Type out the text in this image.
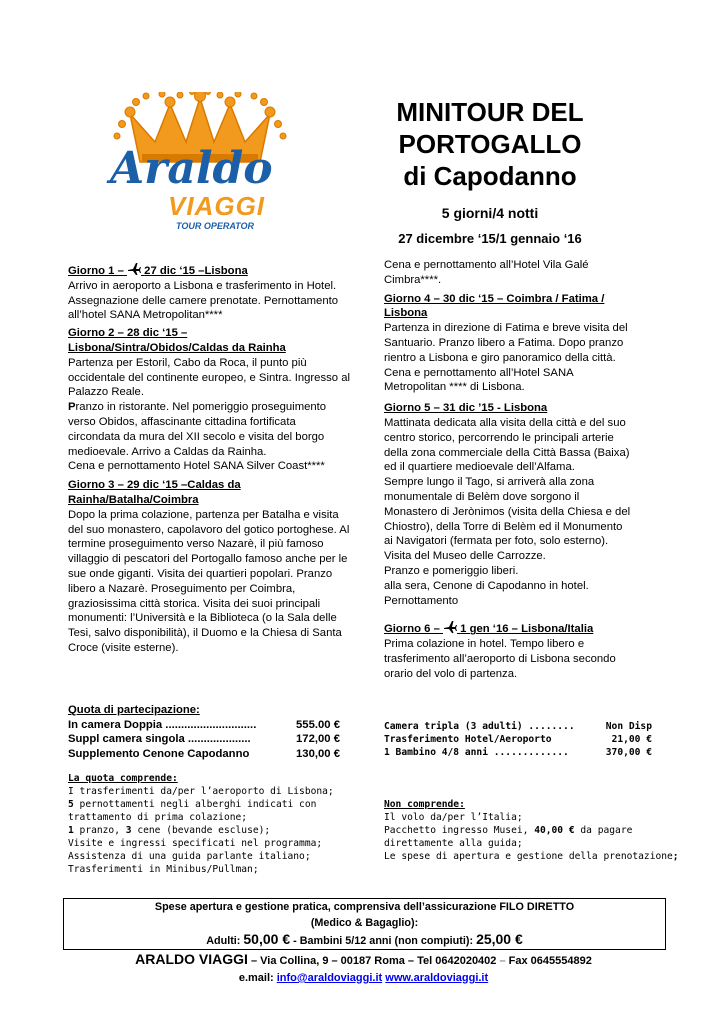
Araldo
VIAGGI
TOUR OPERATOR
MINITOUR DEL
PORTOGALLO
di Capodanno
5 giorni/4 notti
27 dicembre ‘15/1 gennaio ‘16

Giorno 1 – 27 dic ‘15 –Lisbona

Arrivo in aeroporto a Lisbona e trasferimento in Hotel. Assegnazione delle camere prenotate. Pernottamento all’hotel SANA Metropolitan****

Giorno 2 – 28 dic ‘15 – Lisbona/Sintra/Obidos/Caldas da Rainha

Partenza per Estoril, Cabo da Roca, il punto più occidentale del continente europeo, e Sintra. Ingresso al Palazzo Reale.

Pranzo in ristorante. Nel pomeriggio proseguimento verso Obidos, affascinante cittadina fortificata circondata da mura del XII secolo e visita del borgo medioevale. Arrivo a Caldas da Rainha.

Cena e pernottamento Hotel SANA Silver Coast****

Giorno 3 – 29 dic ‘15 –Caldas da Rainha/Batalha/Coimbra

Dopo la prima colazione, partenza per Batalha e visita del suo monastero, capolavoro del gotico portoghese. Al termine proseguimento verso Nazarè, il più famoso villaggio di pescatori del Portogallo famoso anche per le sue onde giganti. Visita dei quartieri popolari. Pranzo libero a Nazarè. Proseguimento per Coimbra, graziosissima città storica. Visita dei suoi principali monumenti: l’Università e la Biblioteca (o la Sala delle Tesi, salvo disponibilità), il Duomo e la Chiesa di Santa Croce (visite esterne).

Cena e pernottamento all’Hotel Vila Galé Cimbra****.

Giorno 4 – 30 dic ‘15 – Coimbra / Fatima / Lisbona

Partenza in direzione di Fatima e breve visita del Santuario. Pranzo libero a Fatima. Dopo pranzo rientro a Lisbona e giro panoramico della città. Cena e pernottamento all’Hotel SANA Metropolitan **** di Lisbona.

Giorno 5 – 31 dic ’15 - Lisbona

Mattinata dedicata alla visita della città e del suo centro storico, percorrendo le principali arterie della zona commerciale della Città Bassa (Baixa) ed il quartiere medioevale dell’Alfama.

Sempre lungo il Tago, si arriverà alla zona monumentale di Belèm dove sorgono il Monastero di Jerònimos (visita della Chiesa e del Chiostro), della Torre di Belèm ed il Monumento ai Navigatori (fermata per foto, solo esterno). Visita del Museo delle Carrozze.

Pranzo e pomeriggio liberi.

alla sera, Cenone di Capodanno in hotel.

Pernottamento

Giorno 6 – 1 gen ‘16 – Lisbona/Italia

Prima colazione in hotel. Tempo libero e trasferimento all’aeroporto di Lisbona secondo orario del volo di partenza.

Quota di partecipazione:
In camera Doppia .............................	555.00 €
Suppl camera singola ....................	172,00 €
Supplemento Cenone Capodanno	130,00 €
Camera tripla (3 adulti) ........	Non Disp
Trasferimento Hotel/Aeroporto	21,00 €
1 Bambino 4/8 anni .............	370,00 €
La quota comprende:
I trasferimenti da/per l’aeroporto di Lisbona;
5 pernottamenti negli alberghi indicati con
trattamento di prima colazione;
1 pranzo, 3 cene (bevande escluse);
Visite e ingressi specificati nel programma;
Assistenza di una guida parlante italiano;
Trasferimenti in Minibus/Pullman;
Non comprende:
Il volo da/per l’Italia;
Pacchetto ingresso Musei, 40,00 € da pagare
direttamente alla guida;
Le spese di apertura e gestione della prenotazione;
Spese apertura e gestione pratica, comprensiva dell’assicurazione FILO DIRETTO
(Medico & Bagaglio):
Adulti: 50,00 € - Bambini 5/12 anni (non compiuti): 25,00 €
ARALDO VIAGGI – Via Collina, 9 – 00187 Roma – Tel 0642020402 – Fax 0645554892
e.mail: info@araldoviaggi.it www.araldoviaggi.it
